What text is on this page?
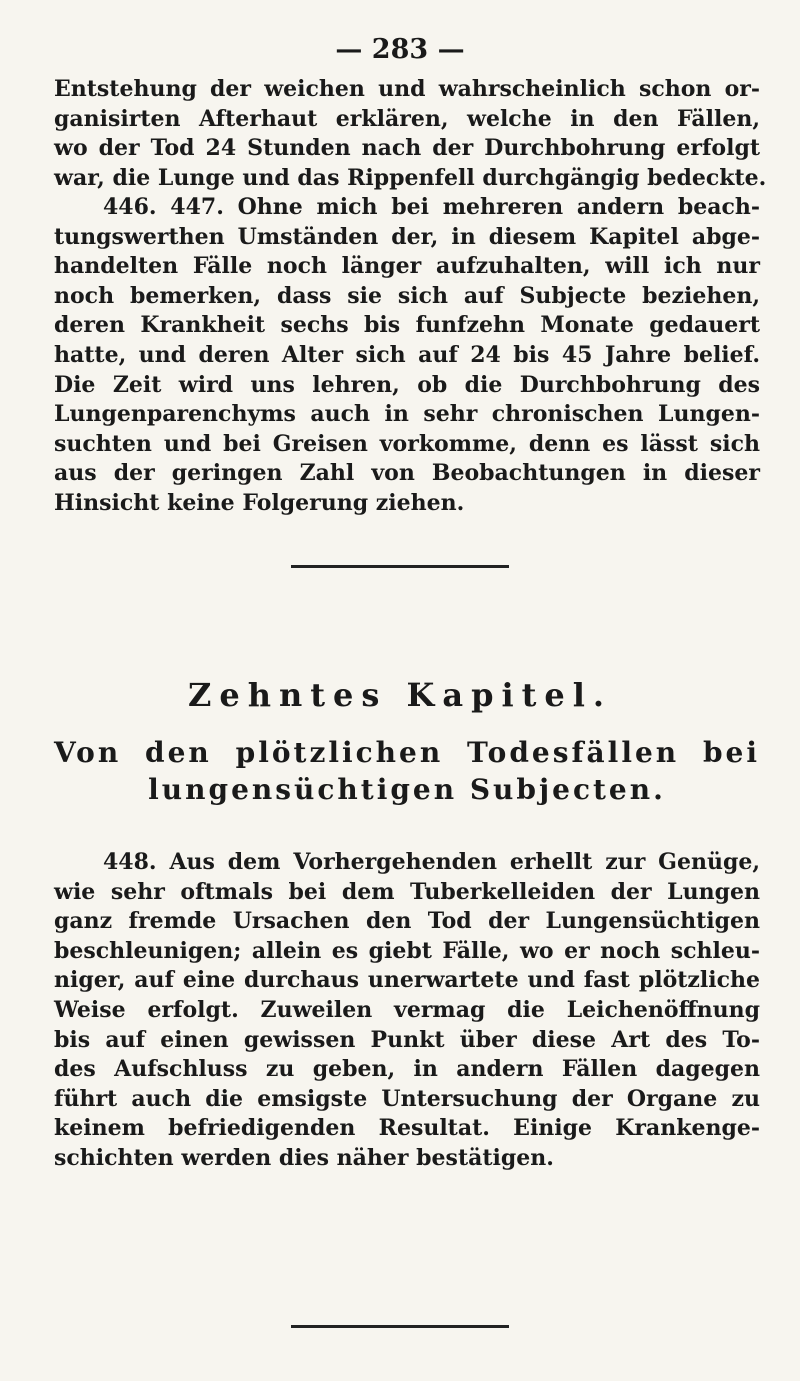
— 283 —
Entstehung der weichen und wahrscheinlich schon or-
ganisirten Afterhaut erklären, welche in den Fällen,
wo der Tod 24 Stunden nach der Durchbohrung erfolgt
war, die Lunge und das Rippenfell durchgängig bedeckte.
446. 447. Ohne mich bei mehreren andern beach-
tungswerthen Umständen der, in diesem Kapitel abge-
handelten Fälle noch länger aufzuhalten, will ich nur
noch bemerken, dass sie sich auf Subjecte beziehen,
deren Krankheit sechs bis funfzehn Monate gedauert
hatte, und deren Alter sich auf 24 bis 45 Jahre belief.
Die Zeit wird uns lehren, ob die Durchbohrung des
Lungenparenchyms auch in sehr chronischen Lungen-
suchten und bei Greisen vorkomme, denn es lässt sich
aus der geringen Zahl von Beobachtungen in dieser
Hinsicht keine Folgerung ziehen.
Zehntes Kapitel.
Von den plötzlichen Todesfällen bei
lungensüchtigen Subjecten.
448. Aus dem Vorhergehenden erhellt zur Genüge,
wie sehr oftmals bei dem Tuberkelleiden der Lungen
ganz fremde Ursachen den Tod der Lungensüchtigen
beschleunigen; allein es giebt Fälle, wo er noch schleu-
niger, auf eine durchaus unerwartete und fast plötzliche
Weise erfolgt. Zuweilen vermag die Leichenöffnung
bis auf einen gewissen Punkt über diese Art des To-
des Aufschluss zu geben, in andern Fällen dagegen
führt auch die emsigste Untersuchung der Organe zu
keinem befriedigenden Resultat. Einige Krankenge-
schichten werden dies näher bestätigen.
